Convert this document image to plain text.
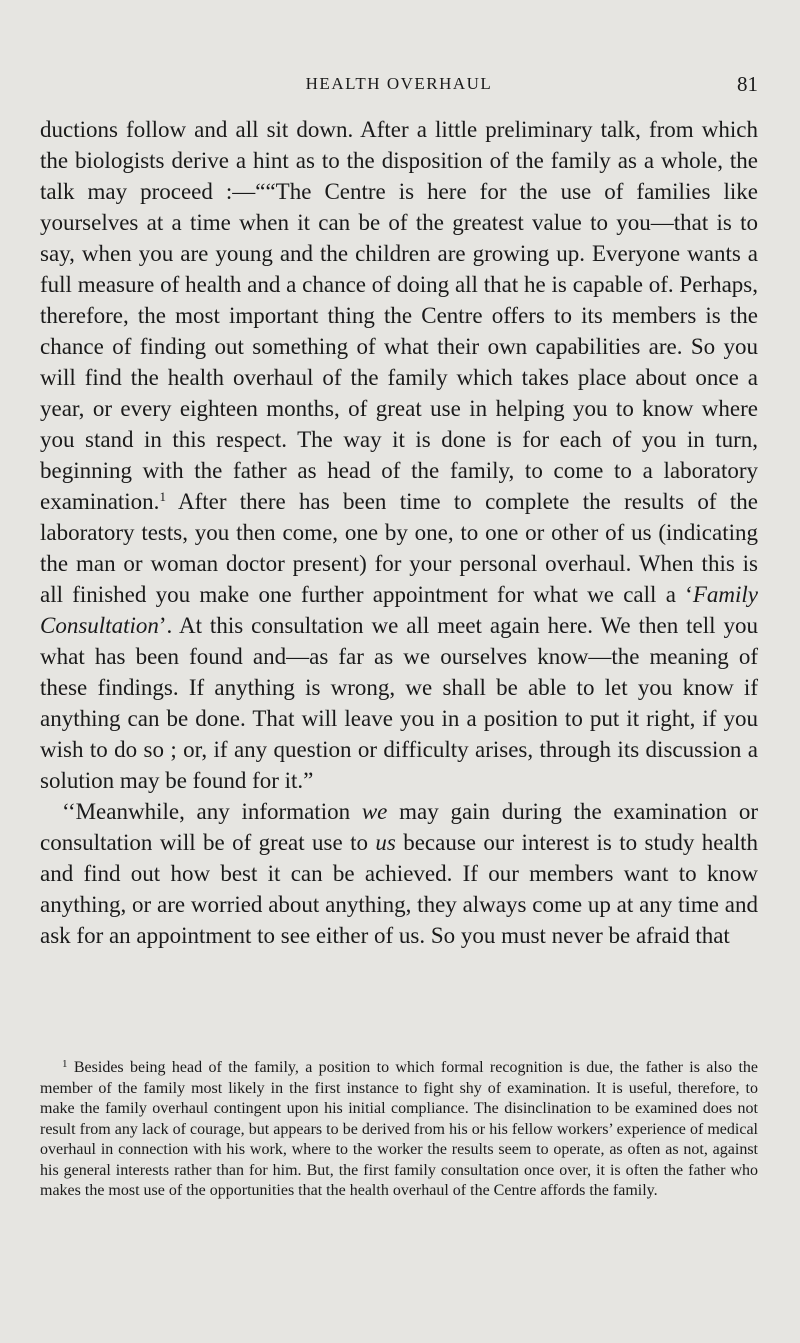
HEALTH OVERHAUL	81

ductions follow and all sit down. After a little preliminary talk, from which the biologists derive a hint as to the disposition of the family as a whole, the talk may proceed :—““The Centre is here for the use of families like yourselves at a time when it can be of the greatest value to you—that is to say, when you are young and the children are growing up. Everyone wants a full measure of health and a chance of doing all that he is capable of. Perhaps, therefore, the most important thing the Centre offers to its members is the chance of finding out something of what their own capabilities are. So you will find the health overhaul of the family which takes place about once a year, or every eighteen months, of great use in helping you to know where you stand in this respect. The way it is done is for each of you in turn, beginning with the father as head of the family, to come to a laboratory examination.$^1$ After there has been time to complete the results of the laboratory tests, you then come, one by one, to one or other of us (indicating the man or woman doctor present) for your personal overhaul. When this is all finished you make one further appointment for what we call a ‘Family Consultation’. At this consultation we all meet again here. We then tell you what has been found and—as far as we ourselves know—the meaning of these findings. If anything is wrong, we shall be able to let you know if anything can be done. That will leave you in a position to put it right, if you wish to do so ; or, if any question or difficulty arises, through its discussion a solution may be found for it.”

‘‘Meanwhile, any information we may gain during the examination or consultation will be of great use to us because our interest is to study health and find out how best it can be achieved. If our members want to know anything, or are worried about anything, they always come up at any time and ask for an appointment to see either of us. So you must never be afraid that

$^1$ Besides being head of the family, a position to which formal recognition is due, the father is also the member of the family most likely in the first instance to fight shy of examination. It is useful, therefore, to make the family overhaul contingent upon his initial compliance. The disinclination to be examined does not result from any lack of courage, but appears to be derived from his or his fellow workers’ experience of medical overhaul in connection with his work, where to the worker the results seem to operate, as often as not, against his general interests rather than for him. But, the first family consultation once over, it is often the father who makes the most use of the opportunities that the health overhaul of the Centre affords the family.
